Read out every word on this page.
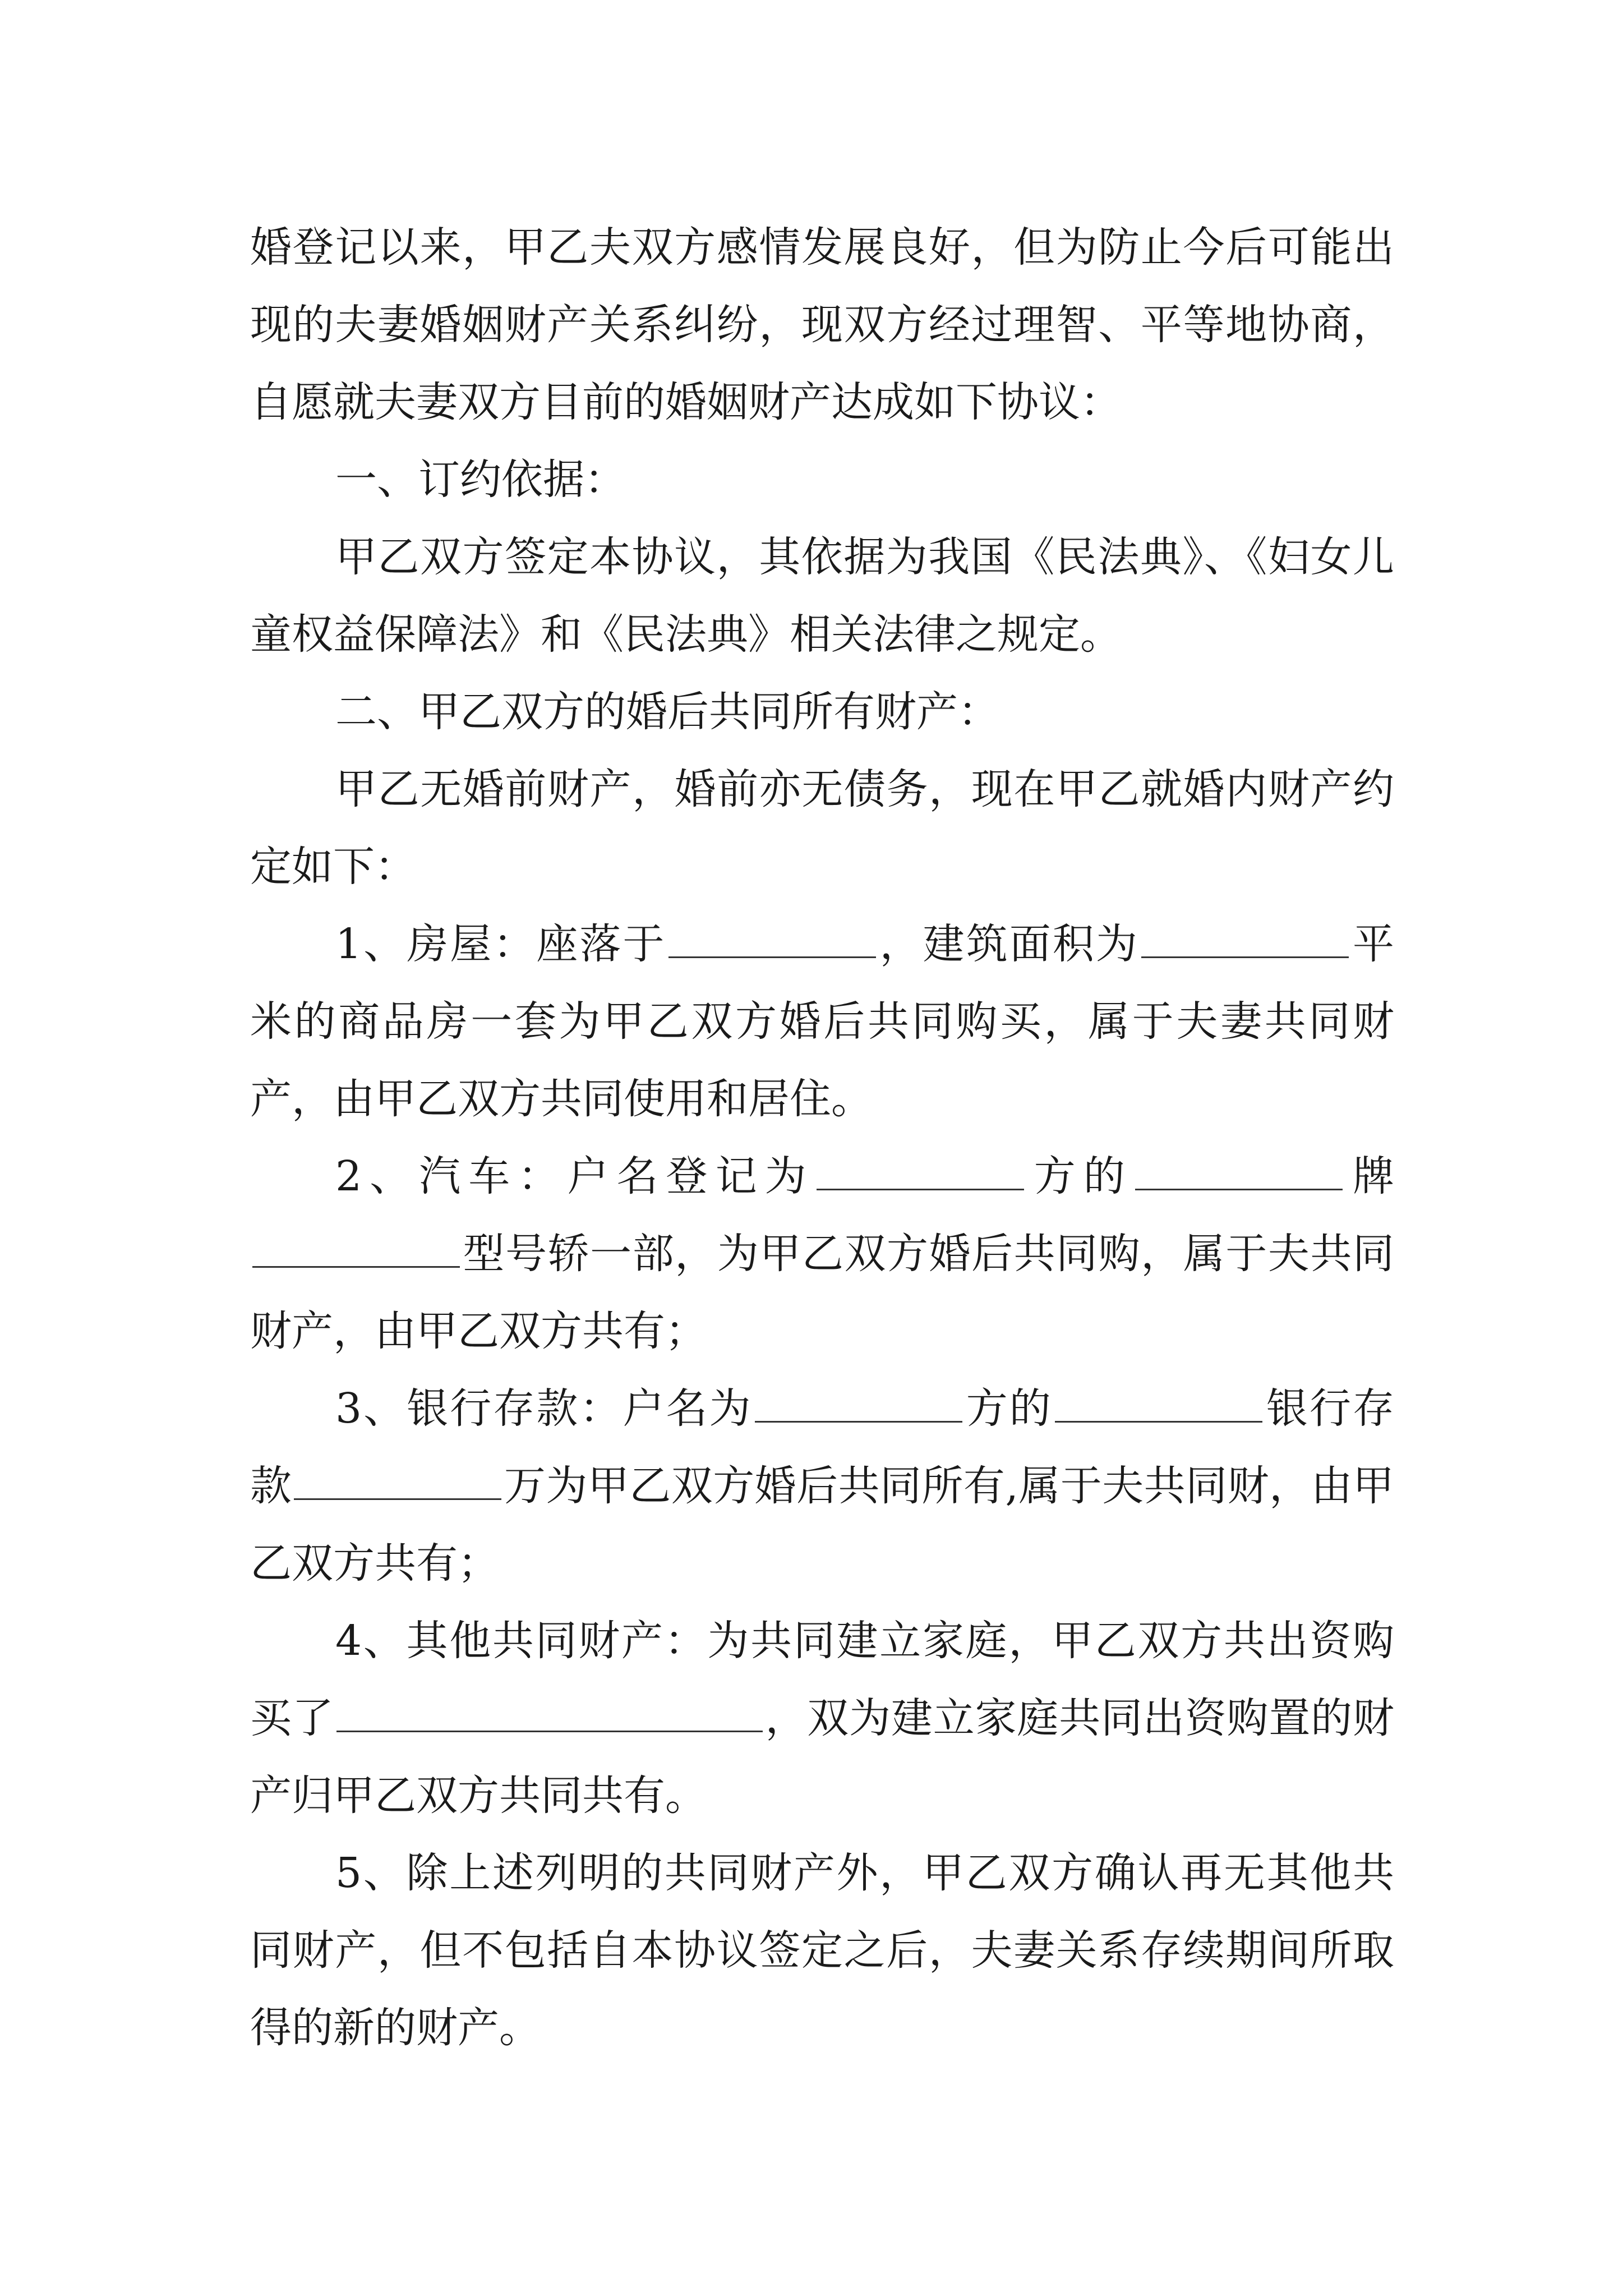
婚登记以来，甲乙夫双方感情发展良好，但为防止今后可能出现的夫妻婚姻财产关系纠纷，现双方经过理智、平等地协商，自愿就夫妻双方目前的婚姻财产达成如下协议：

一、订约依据：

甲乙双方签定本协议，其依据为我国《民法典》、《妇女儿童权益保障法》和《民法典》相关法律之规定。

二、甲乙双方的婚后共同所有财产：

甲乙无婚前财产，婚前亦无债务，现在甲乙就婚内财产约定如下：

1、房屋：座落于	，建筑面积为	平米的商品房一套为甲乙双方婚后共同购买，属于夫妻共同财产，由甲乙双方共同使用和居住。

2、汽车：户名登记为	方的	牌型号轿一部，为甲乙双方婚后共同购，属于夫共同财产，由甲乙双方共有；

3、银行存款：户名为	方的	银行存款	万为甲乙双方婚后共同所有,属于夫共同财，由甲乙双方共有；

4、其他共同财产：为共同建立家庭，甲乙双方共出资购买了	，双为建立家庭共同出资购置的财产归甲乙双方共同共有。

5、除上述列明的共同财产外，甲乙双方确认再无其他共同财产，但不包括自本协议签定之后，夫妻关系存续期间所取得的新的财产。
